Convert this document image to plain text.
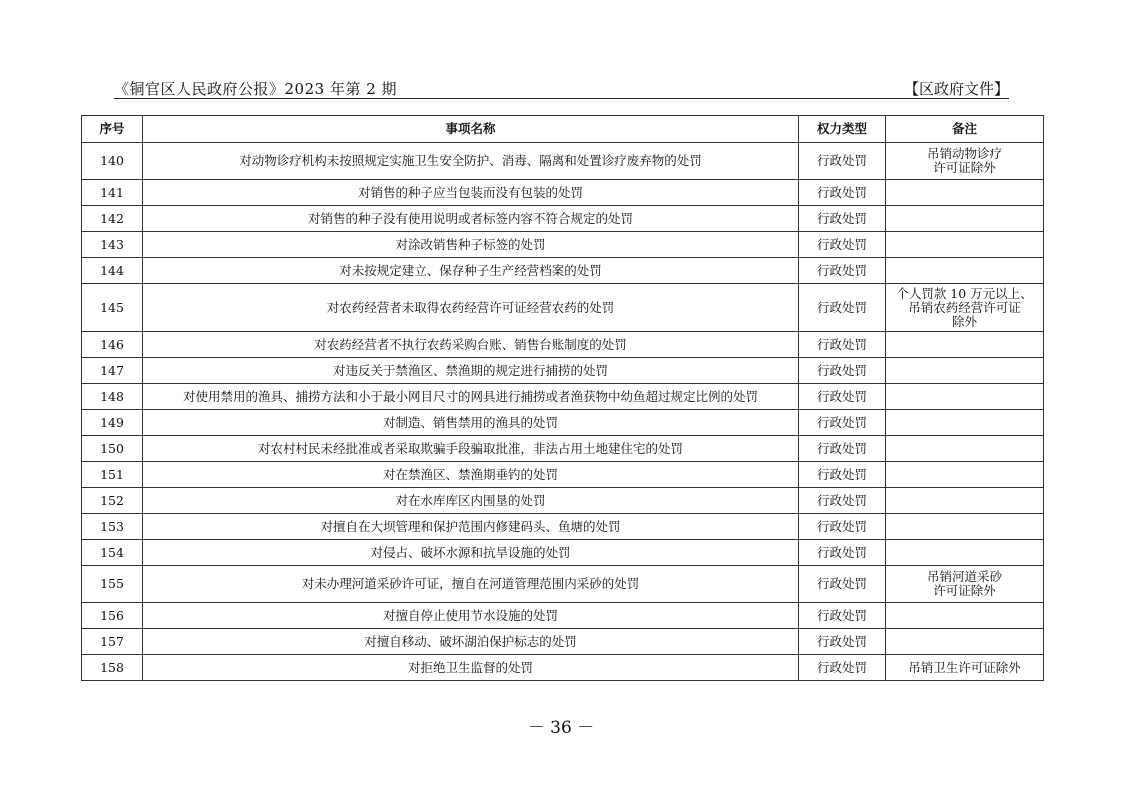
《铜官区人民政府公报》2023 年第 2 期	【区政府文件】
序号	事项名称	权力类型	备注
140	对动物诊疗机构未按照规定实施卫生安全防护、消毒、隔离和处置诊疗废弃物的处罚	行政处罚	吊销动物诊疗
许可证除外

141	对销售的种子应当包装而没有包装的处罚	行政处罚	
142	对销售的种子没有使用说明或者标签内容不符合规定的处罚	行政处罚	
143	对涂改销售种子标签的处罚	行政处罚	
144	对未按规定建立、保存种子生产经营档案的处罚	行政处罚	
145	对农药经营者未取得农药经营许可证经营农药的处罚	行政处罚	个人罚款 10 万元以上、
吊销农药经营许可证
除外

146	对农药经营者不执行农药采购台账、销售台账制度的处罚	行政处罚	
147	对违反关于禁渔区、禁渔期的规定进行捕捞的处罚	行政处罚	
148	对使用禁用的渔具、捕捞方法和小于最小网目尺寸的网具进行捕捞或者渔获物中幼鱼超过规定比例的处罚	行政处罚	
149	对制造、销售禁用的渔具的处罚	行政处罚	
150	对农村村民未经批准或者采取欺骗手段骗取批准，非法占用土地建住宅的处罚	行政处罚	
151	对在禁渔区、禁渔期垂钓的处罚	行政处罚	
152	对在水库库区内围垦的处罚	行政处罚	
153	对擅自在大坝管理和保护范围内修建码头、鱼塘的处罚	行政处罚	
154	对侵占、破坏水源和抗旱设施的处罚	行政处罚	
155	对未办理河道采砂许可证，擅自在河道管理范围内采砂的处罚	行政处罚	吊销河道采砂
许可证除外

156	对擅自停止使用节水设施的处罚	行政处罚	
157	对擅自移动、破坏湖泊保护标志的处罚	行政处罚	
158	对拒绝卫生监督的处罚	行政处罚	吊销卫生许可证除外
－ 36 －
